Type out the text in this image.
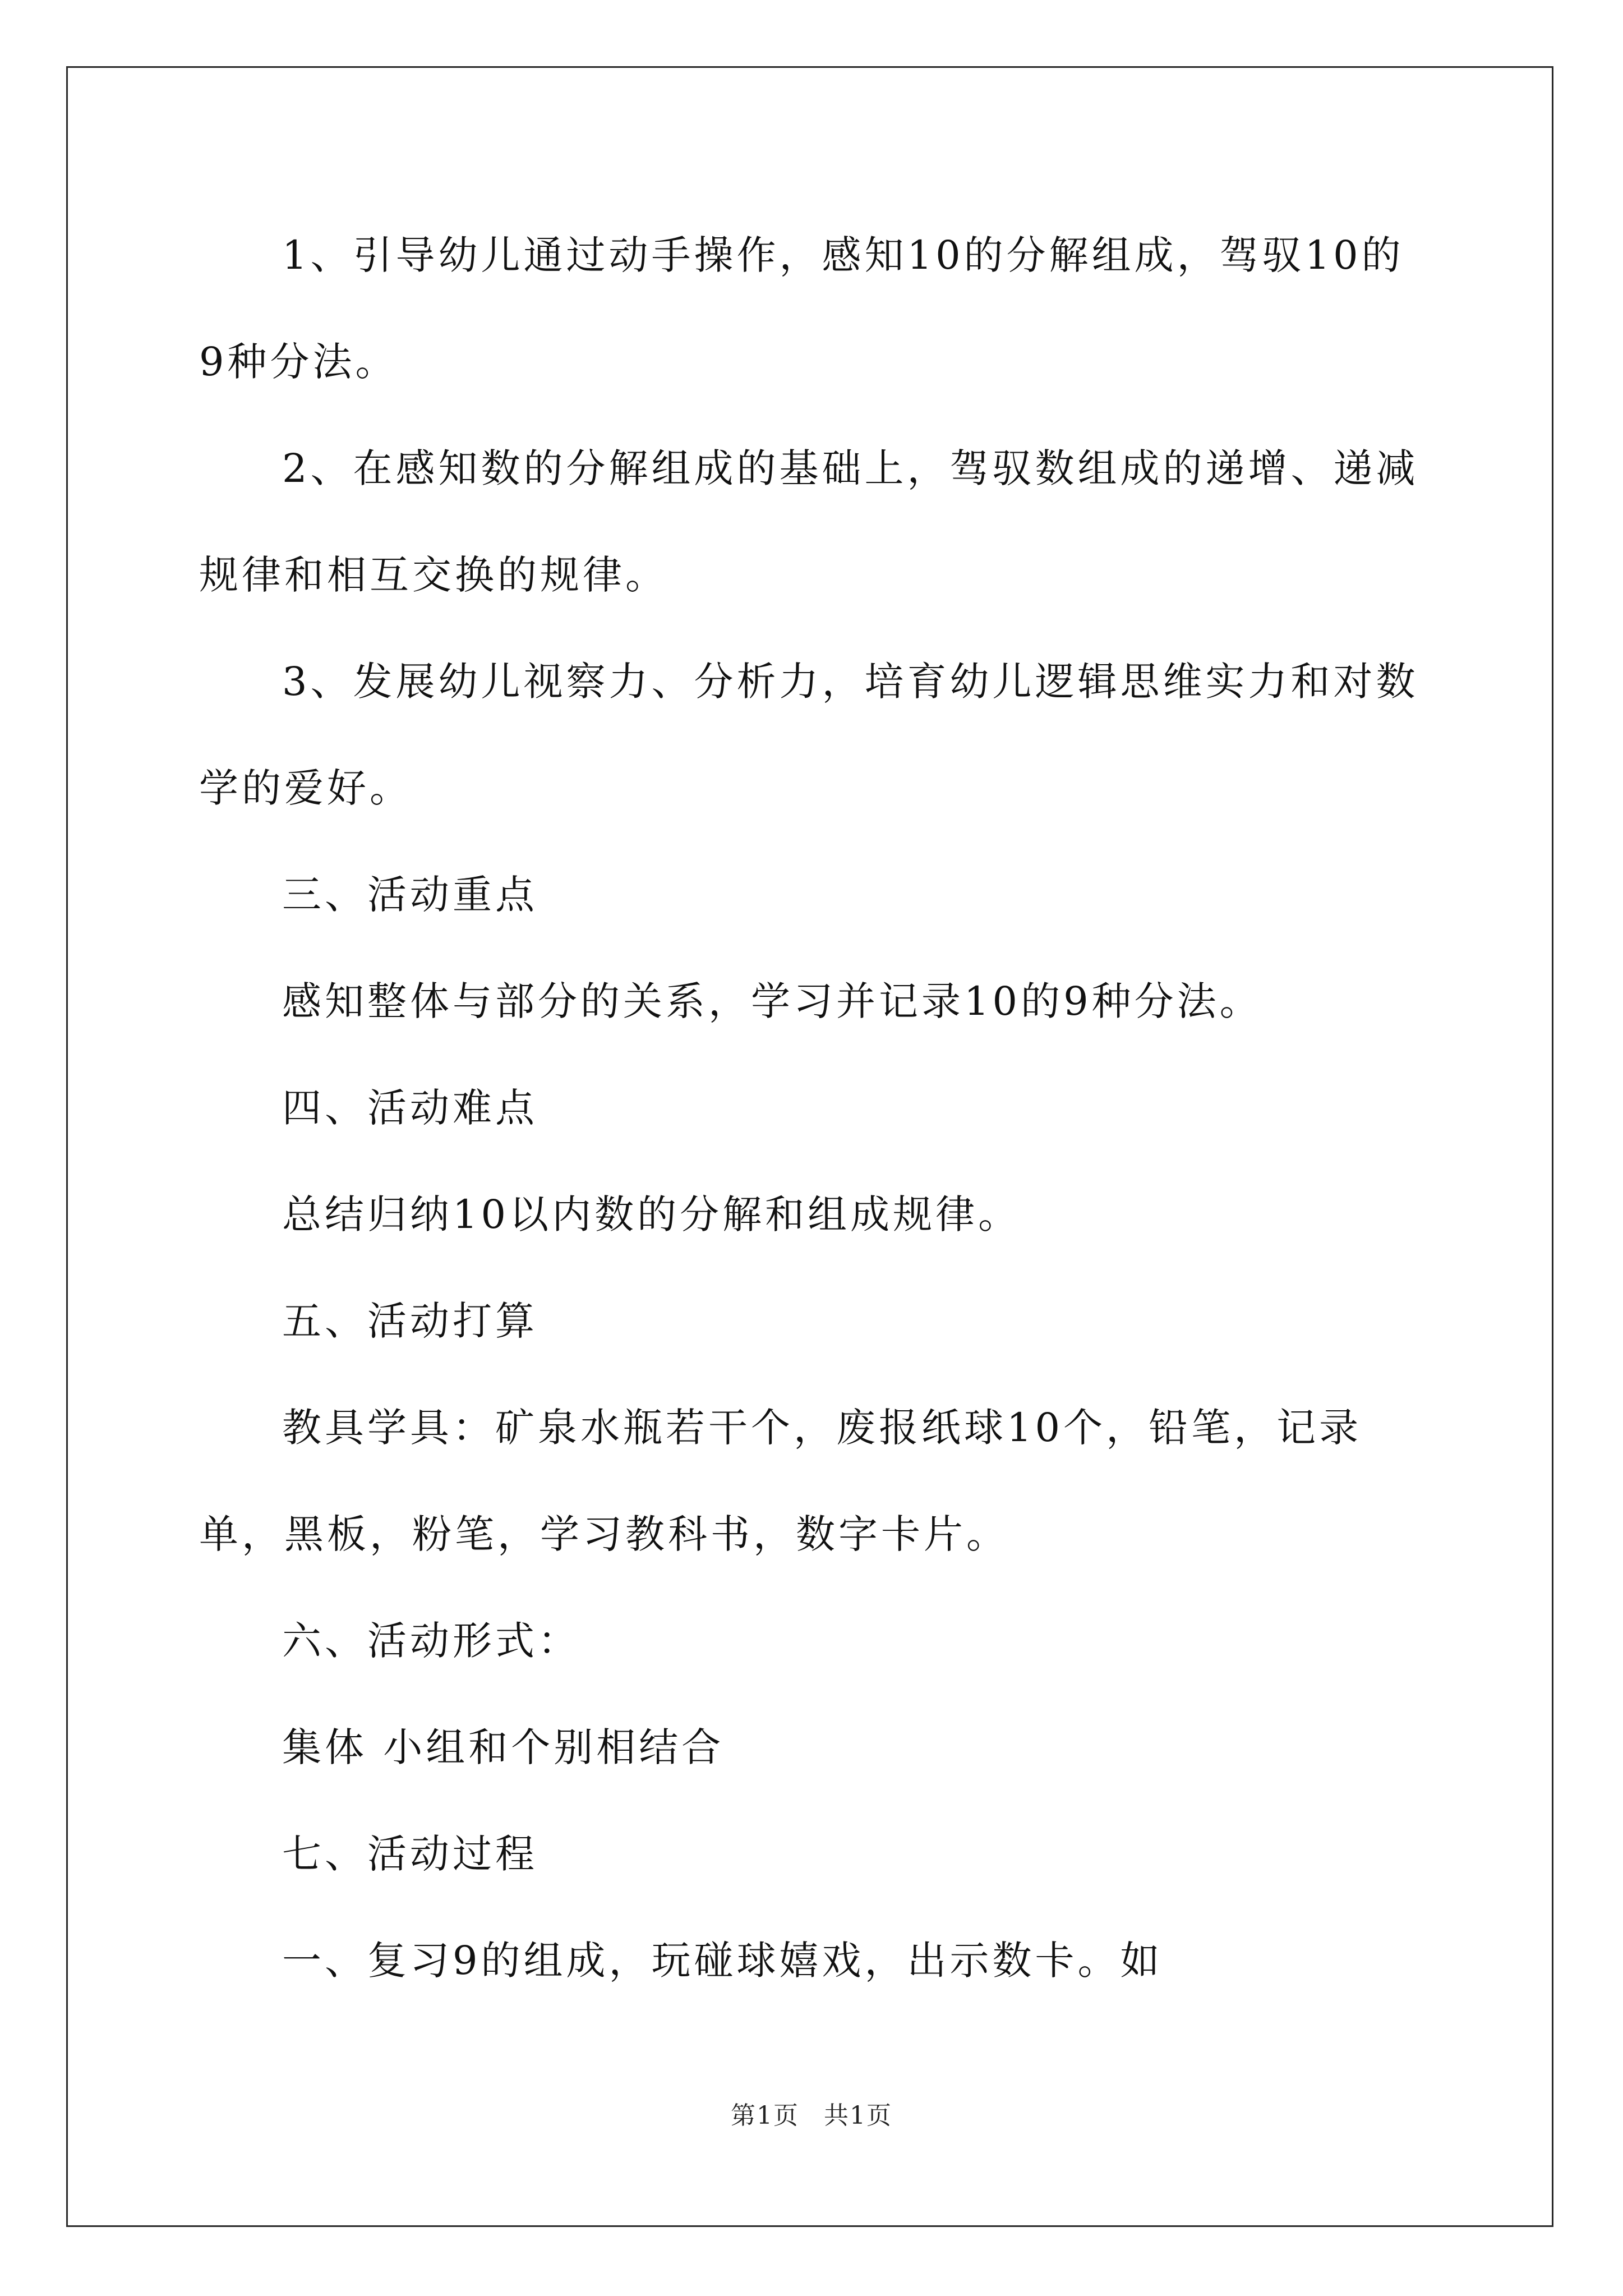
1、引导幼儿通过动手操作，感知10的分解组成，驾驭10的9种分法。

2、在感知数的分解组成的基础上，驾驭数组成的递增、递减规律和相互交换的规律。

3、发展幼儿视察力、分析力，培育幼儿逻辑思维实力和对数学的爱好。

三、活动重点

感知整体与部分的关系，学习并记录10的9种分法。

四、活动难点

总结归纳10以内数的分解和组成规律。

五、活动打算

教具学具：矿泉水瓶若干个，废报纸球10个，铅笔，记录单，黑板，粉笔，学习教科书，数字卡片。

六、活动形式：

集体 小组和个别相结合

七、活动过程

一、复习9的组成，玩碰球嬉戏，出示数卡。如

第1页 共1页
